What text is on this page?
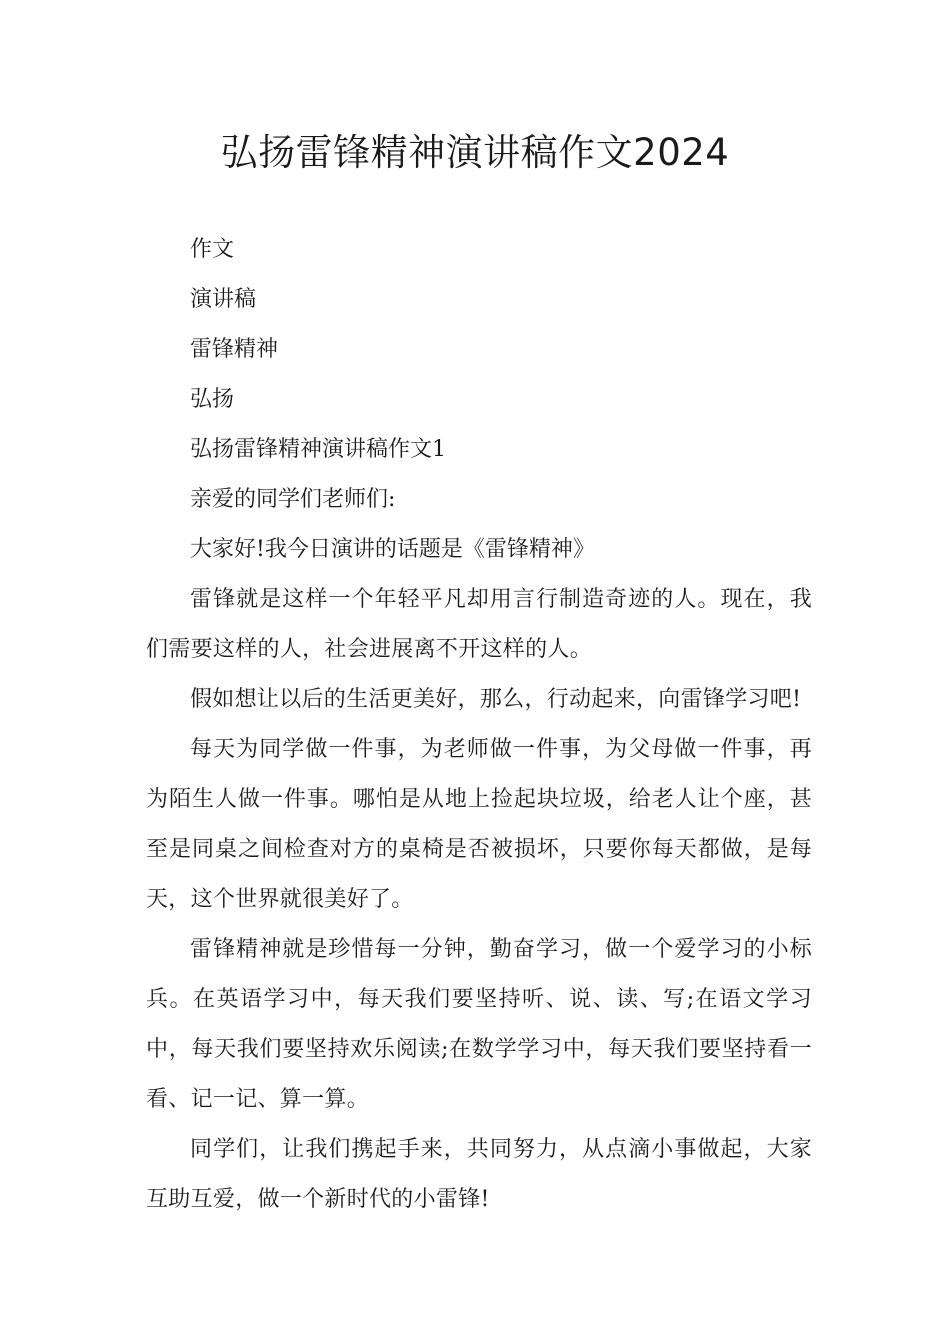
弘扬雷锋精神演讲稿作文2024

作文

演讲稿

雷锋精神

弘扬

弘扬雷锋精神演讲稿作文1

亲爱的同学们老师们:

大家好!我今日演讲的话题是《雷锋精神》

雷锋就是这样一个年轻平凡却用言行制造奇迹的人。现在，我们需要这样的人，社会进展离不开这样的人。

假如想让以后的生活更美好，那么，行动起来，向雷锋学习吧!

每天为同学做一件事，为老师做一件事，为父母做一件事，再为陌生人做一件事。哪怕是从地上捡起块垃圾，给老人让个座，甚至是同桌之间检查对方的桌椅是否被损坏，只要你每天都做，是每天，这个世界就很美好了。

雷锋精神就是珍惜每一分钟，勤奋学习，做一个爱学习的小标兵。在英语学习中，每天我们要坚持听、说、读、写;在语文学习中，每天我们要坚持欢乐阅读;在数学学习中，每天我们要坚持看一看、记一记、算一算。

同学们，让我们携起手来，共同努力，从点滴小事做起，大家互助互爱，做一个新时代的小雷锋!
